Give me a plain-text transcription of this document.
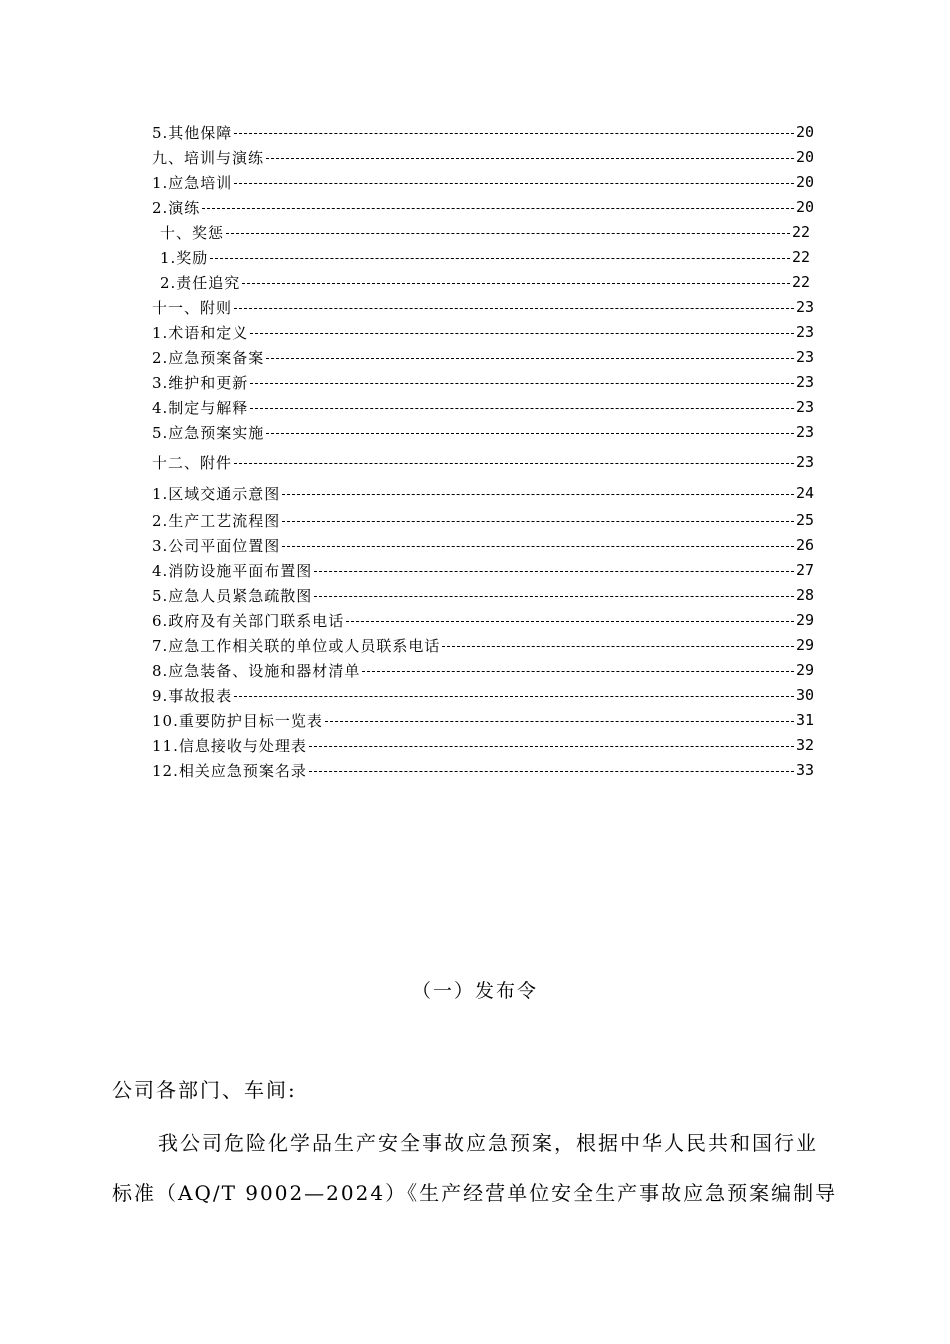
5.其他保障	20
九、培训与演练	20
1.应急培训	20
2.演练	20
十、奖惩	22
1.奖励	22
2.责任追究	22
十一、附则	23
1.术语和定义	23
2.应急预案备案	23
3.维护和更新	23
4.制定与解释	23
5.应急预案实施	23
十二、附件	23
1.区域交通示意图	24
2.生产工艺流程图	25
3.公司平面位置图	26
4.消防设施平面布置图	27
5.应急人员紧急疏散图	28
6.政府及有关部门联系电话	29
7.应急工作相关联的单位或人员联系电话	29
8.应急装备、设施和器材清单	29
9.事故报表	30
10.重要防护目标一览表	31
11.信息接收与处理表	32
12.相关应急预案名录	33
（一）发布令
公司各部门、车间:
我公司危险化学品生产安全事故应急预案，根据中华人民共和国行业
标准（AQ/T 9002—2024）《生产经营单位安全生产事故应急预案编制导
